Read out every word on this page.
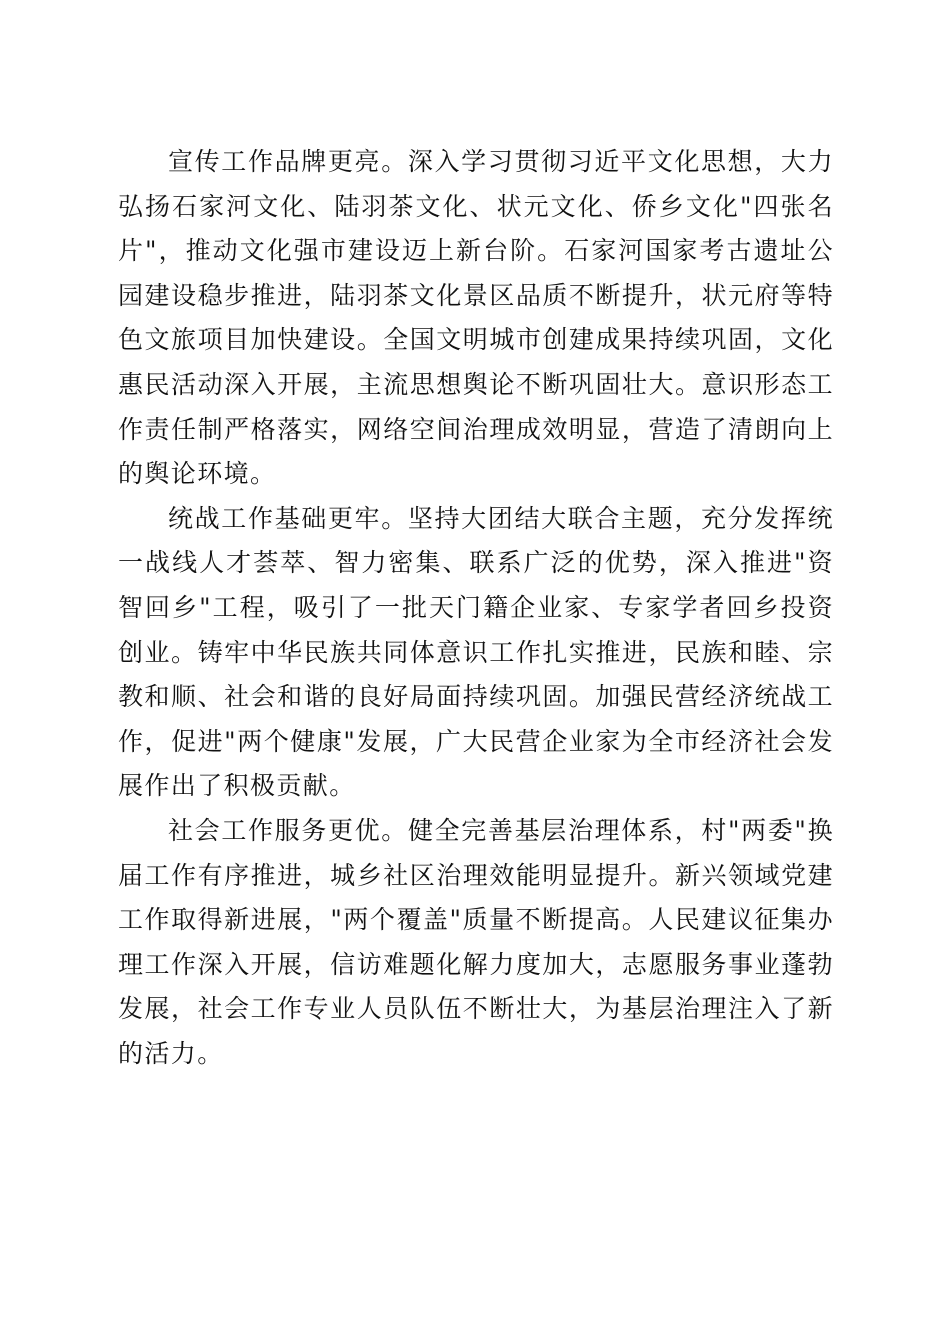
宣传工作品牌更亮。深入学习贯彻习近平文化思想，大力弘扬石家河文化、陆羽茶文化、状元文化、侨乡文化"四张名片"，推动文化强市建设迈上新台阶。石家河国家考古遗址公园建设稳步推进，陆羽茶文化景区品质不断提升，状元府等特色文旅项目加快建设。全国文明城市创建成果持续巩固，文化惠民活动深入开展，主流思想舆论不断巩固壮大。意识形态工作责任制严格落实，网络空间治理成效明显，营造了清朗向上的舆论环境。

统战工作基础更牢。坚持大团结大联合主题，充分发挥统一战线人才荟萃、智力密集、联系广泛的优势，深入推进"资智回乡"工程，吸引了一批天门籍企业家、专家学者回乡投资创业。铸牢中华民族共同体意识工作扎实推进，民族和睦、宗教和顺、社会和谐的良好局面持续巩固。加强民营经济统战工作，促进"两个健康"发展，广大民营企业家为全市经济社会发展作出了积极贡献。

社会工作服务更优。健全完善基层治理体系，村"两委"换届工作有序推进，城乡社区治理效能明显提升。新兴领域党建工作取得新进展，"两个覆盖"质量不断提高。人民建议征集办理工作深入开展，信访难题化解力度加大，志愿服务事业蓬勃发展，社会工作专业人员队伍不断壮大，为基层治理注入了新的活力。
